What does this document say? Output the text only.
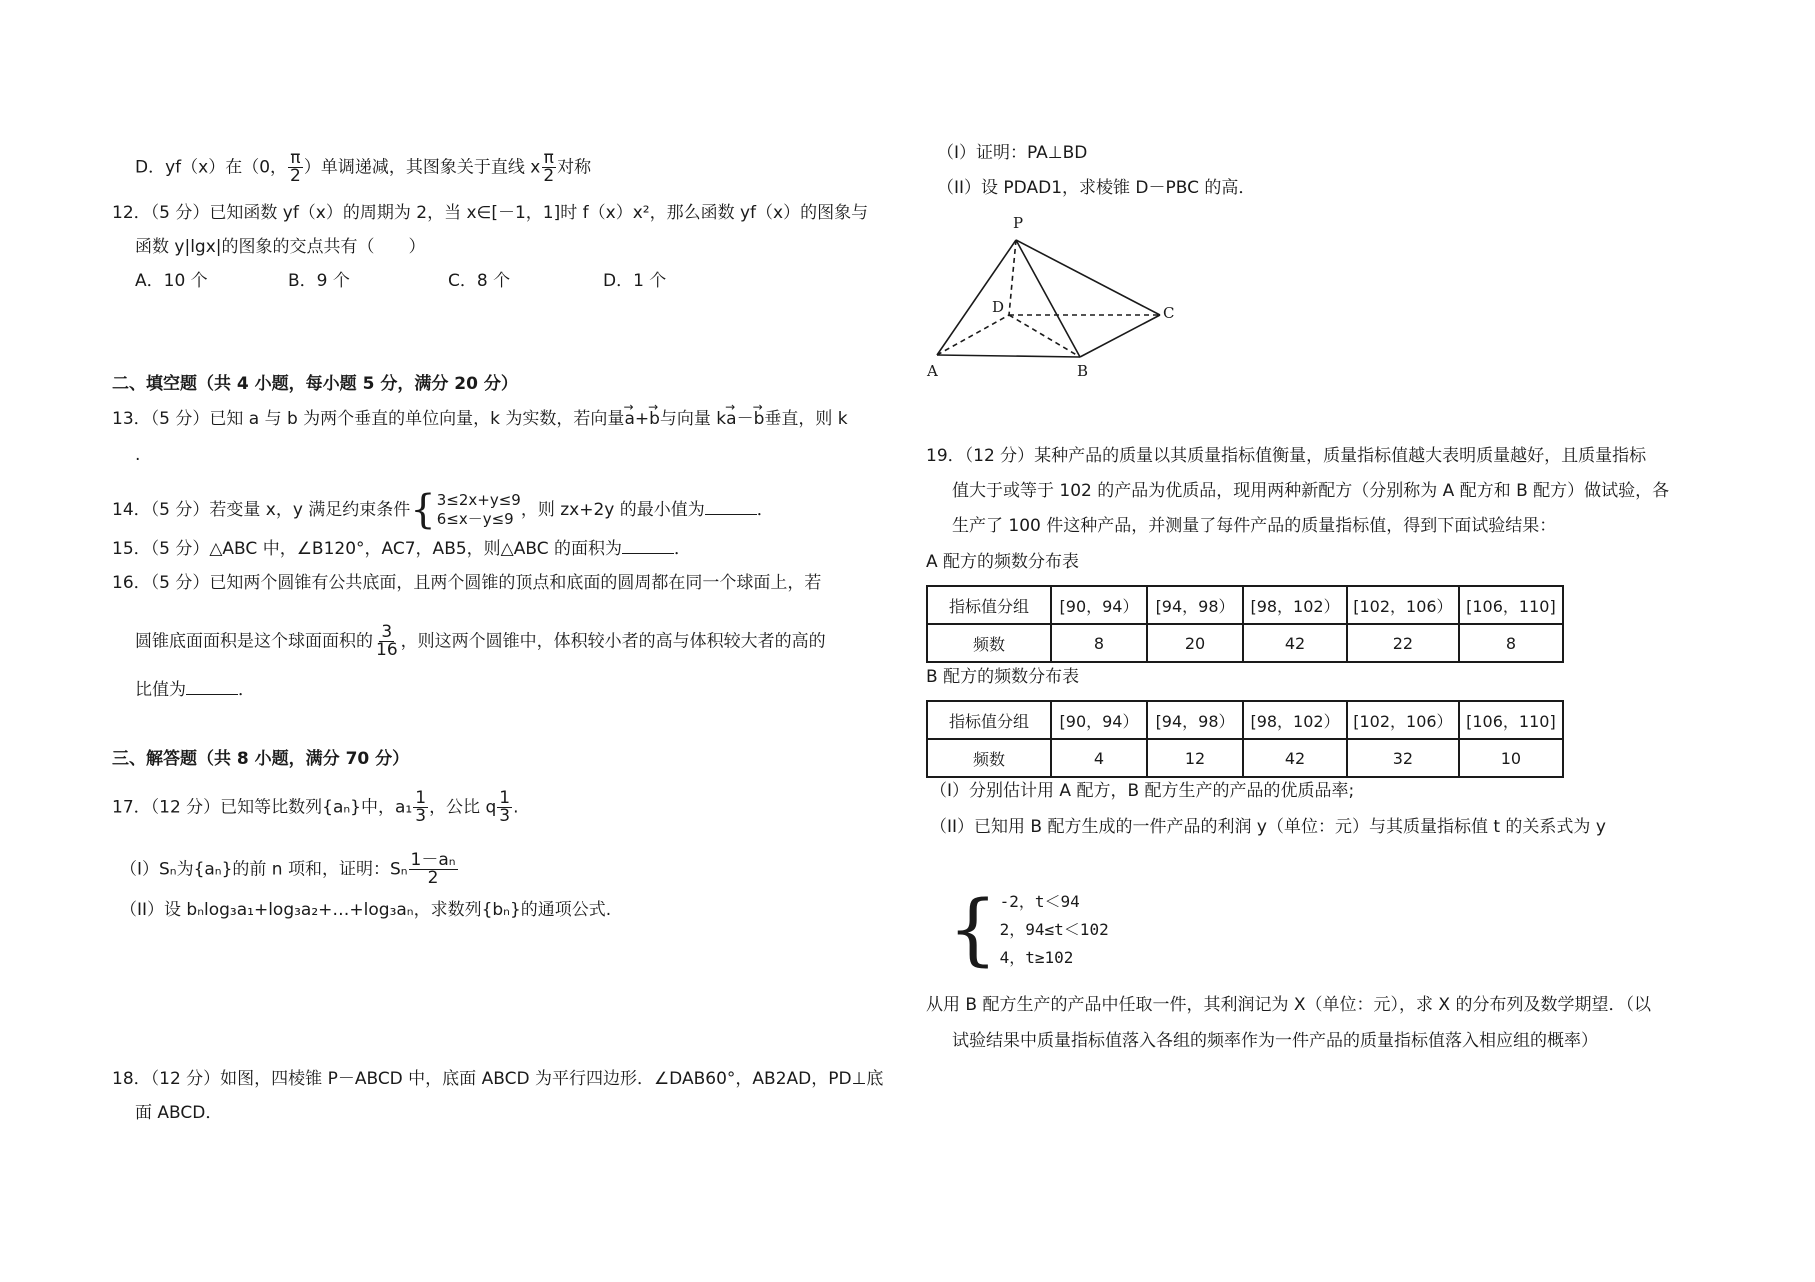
D．yf（x）在（0， $\frac{\pi}{2}$ ）单调递减，其图象关于直线 x $\frac{\pi}{2}$ 对称
12．（5 分）已知函数 yf（x）的周期为 2，当 x∈[－1，1]时 f（x）x²，那么函数 yf（x）的图象与
函数 y|lgx|的图象的交点共有（　　）
A．10 个	B．9 个	C．8 个	D．1 个
二、填空题（共 4 小题，每小题 5 分，满分 20 分）
13．（5 分）已知 a 与 b 为两个垂直的单位向量，k 为实数，若向量→ a+→ b与向量 k→ a－→ b垂直，则 k
.
14．（5 分）若变量 x，y 满足约束条件 { 3≤2x+y≤9
6≤x－y≤9 ，则 zx+2y 的最小值为	．
15．（5 分）△ABC 中，∠B120°，AC7，AB5，则△ABC 的面积为	．
16．（5 分）已知两个圆锥有公共底面，且两个圆锥的顶点和底面的圆周都在同一个球面上，若
圆锥底面面积是这个球面面积的 $\frac{3}{16}$ ，则这两个圆锥中，体积较小者的高与体积较大者的高的
比值为	．
三、解答题（共 8 小题，满分 70 分）
17．（12 分）已知等比数列{aₙ}中，$a_1 \frac{1}{3}$ ，公比 q $\frac{1}{3}$ .
（I）Sₙ为{aₙ}的前 n 项和，证明：Sₙ $\frac{\text{1－aₙ}}{2}$
（II）设 bₙlog₃a₁+log₃a₂+…+log₃aₙ，求数列{bₙ}的通项公式.
18．（12 分）如图，四棱锥 P－ABCD 中，底面 ABCD 为平行四边形．∠DAB60°，AB2AD，PD⊥底
面 ABCD．
（I）证明：PA⊥BD
（II）设 PDAD1，求棱锥 D－PBC 的高．
P
D	C
A	B
19．（12 分）某种产品的质量以其质量指标值衡量，质量指标值越大表明质量越好，且质量指标
值大于或等于 102 的产品为优质品，现用两种新配方（分别称为 A 配方和 B 配方）做试验，各
生产了 100 件这种产品，并测量了每件产品的质量指标值，得到下面试验结果：
A 配方的频数分布表
指标值分组	[90，94）	[94，98）	[98，102）	[102，106）	[106，110]
频数	8	20	42	22	8
B 配方的频数分布表
指标值分组	[90，94）	[94，98）	[98，102）	[102，106）	[106，110]
频数	4	12	42	32	10
（Ⅰ）分别估计用 A 配方，B 配方生产的产品的优质品率;
（II）已知用 B 配方生成的一件产品的利润 y（单位：元）与其质量指标值 t 的关系式为 y
{ -2，t＜94
2，94≤t＜102
4，t≥102
从用 B 配方生产的产品中任取一件，其利润记为 X（单位：元），求 X 的分布列及数学期望．（以
试验结果中质量指标值落入各组的频率作为一件产品的质量指标值落入相应组的概率）
